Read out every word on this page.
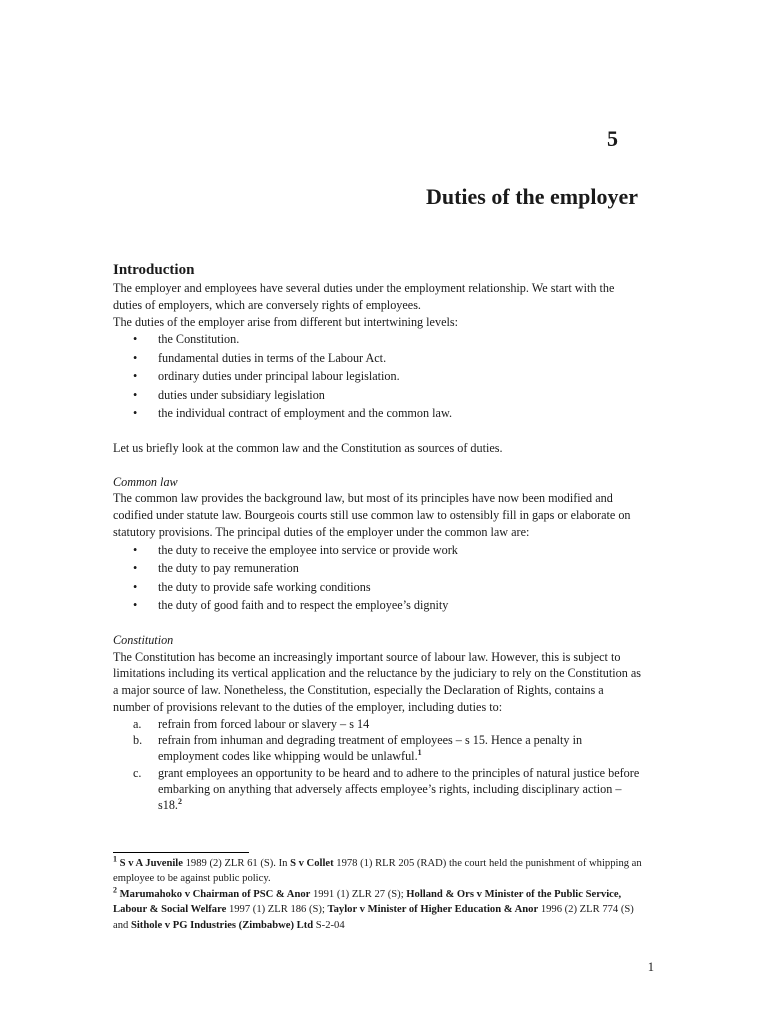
5
Duties of the employer
Introduction

The employer and employees have several duties under the employment relationship. We start with the duties of employers, which are conversely rights of employees.

The duties of the employer arise from different but intertwining levels:

• the Constitution.
• fundamental duties in terms of the Labour Act.
• ordinary duties under principal labour legislation.
• duties under subsidiary legislation
• the individual contract of employment and the common law.

Let us briefly look at the common law and the Constitution as sources of duties.

Common law

The common law provides the background law, but most of its principles have now been modified and codified under statute law. Bourgeois courts still use common law to ostensibly fill in gaps or elaborate on statutory provisions. The principal duties of the employer under the common law are:

• the duty to receive the employee into service or provide work
• the duty to pay remuneration
• the duty to provide safe working conditions
• the duty of good faith and to respect the employee’s dignity

Constitution

The Constitution has become an increasingly important source of labour law. However, this is subject to limitations including its vertical application and the reluctance by the judiciary to rely on the Constitution as a major source of law. Nonetheless, the Constitution, especially the Declaration of Rights, contains a number of provisions relevant to the duties of the employer, including duties to:

a. refrain from forced labour or slavery – s 14
b. refrain from inhuman and degrading treatment of employees – s 15. Hence a penalty in employment codes like whipping would be unlawful.$^1$
c. grant employees an opportunity to be heard and to adhere to the principles of natural justice before embarking on anything that adversely affects employee’s rights, including disciplinary action – s18.$^2$

$^1$ S v A Juvenile 1989 (2) ZLR 61 (S). In S v Collet 1978 (1) RLR 205 (RAD) the court held the punishment of whipping an employee to be against public policy.

$^2$ Marumahoko v Chairman of PSC & Anor 1991 (1) ZLR 27 (S); Holland & Ors v Minister of the Public Service, Labour & Social Welfare 1997 (1) ZLR 186 (S); Taylor v Minister of Higher Education & Anor 1996 (2) ZLR 774 (S) and Sithole v PG Industries (Zimbabwe) Ltd S-2-04

1
